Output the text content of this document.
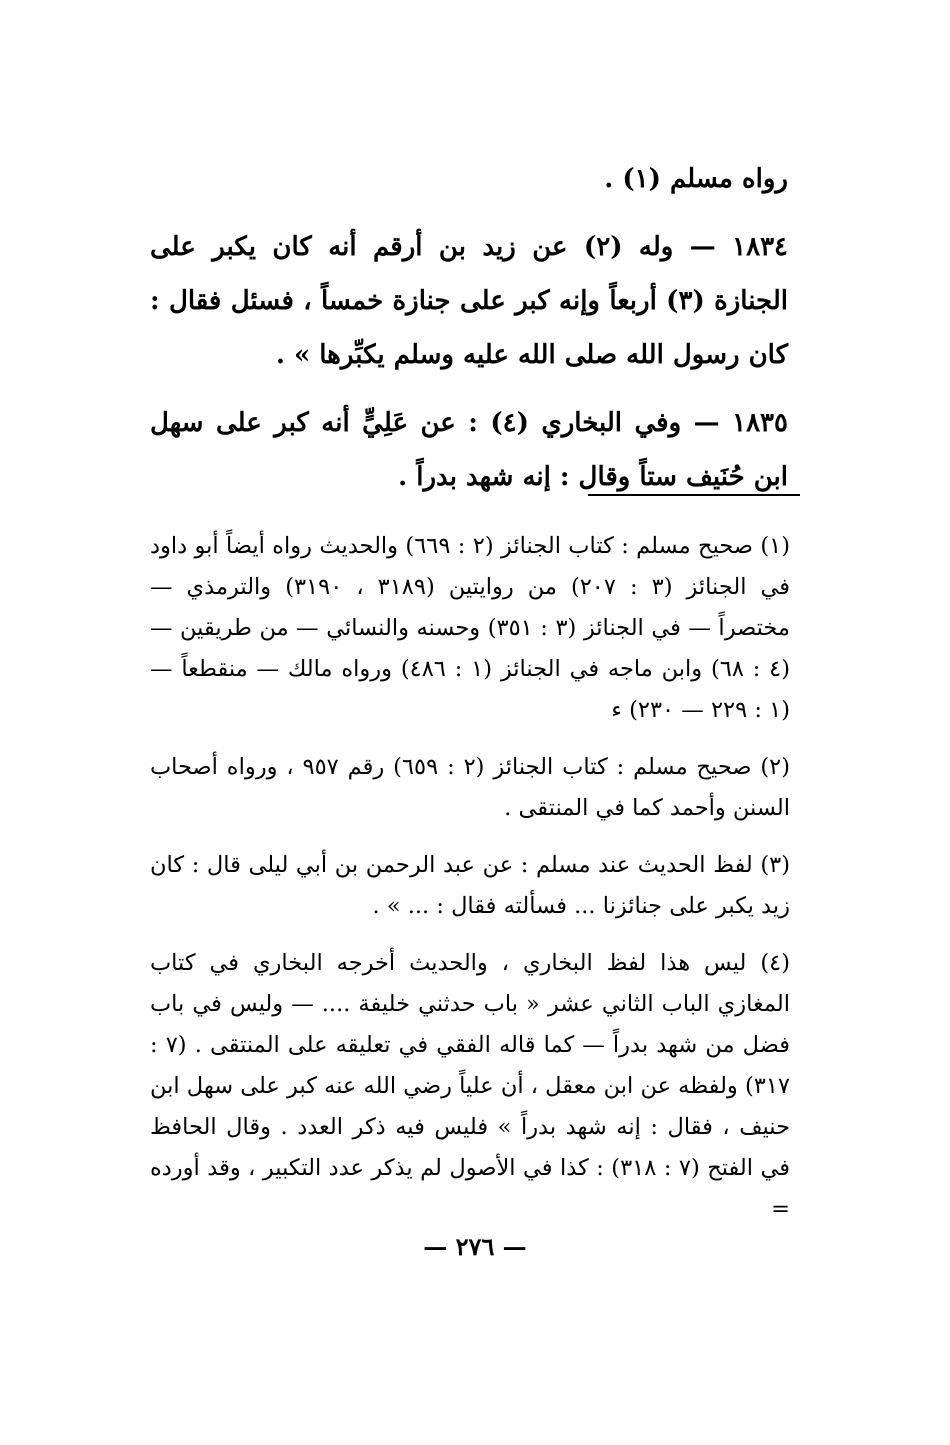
رواه مسلم (١) .

١٨٣٤ — وله (٢) عن زيد بن أرقم أنه كان يكبر على الجنازة (٣) أربعاً وإنه كبر على جنازة خمساً ، فسئل فقال : كان رسول الله صلى الله عليه وسلم يكبِّرها » .

١٨٣٥ — وفي البخاري (٤) : عن عَلِيٍّ أنه كبر على سهل ابن حُنَيف ستاً وقال : إنه شهد بدراً .

(١) صحيح مسلم : كتاب الجنائز (٢ : ٦٦٩) والحديث رواه أيضاً أبو داود في الجنائز (٣ : ٢٠٧) من روايتين (٣١٨٩ ، ٣١٩٠) والترمذي — مختصراً — في الجنائز (٣ : ٣٥١) وحسنه والنسائي — من طريقين — (٤ : ٦٨) وابن ماجه في الجنائز (١ : ٤٨٦) ورواه مالك — منقطعاً — (١ : ٢٢٩ — ٢٣٠) ء

(٢) صحيح مسلم : كتاب الجنائز (٢ : ٦٥٩) رقم ٩٥٧ ، ورواه أصحاب السنن وأحمد كما في المنتقى .

(٣) لفظ الحديث عند مسلم : عن عبد الرحمن بن أبي ليلى قال : كان زيد يكبر على جنائزنا ... فسألته فقال : ... » .

(٤) ليس هذا لفظ البخاري ، والحديث أخرجه البخاري في كتاب المغازي الباب الثاني عشر « باب حدثني خليفة .... — وليس في باب فضل من شهد بدراً — كما قاله الفقي في تعليقه على المنتقى . (٧ : ٣١٧) ولفظه عن ابن معقل ، أن علياً رضي الله عنه كبر على سهل ابن حنيف ، فقال : إنه شهد بدراً » فليس فيه ذكر العدد . وقال الحافظ في الفتح (٧ : ٣١٨) : كذا في الأصول لم يذكر عدد التكبير ، وقد أورده =

— ٢٧٦ —
